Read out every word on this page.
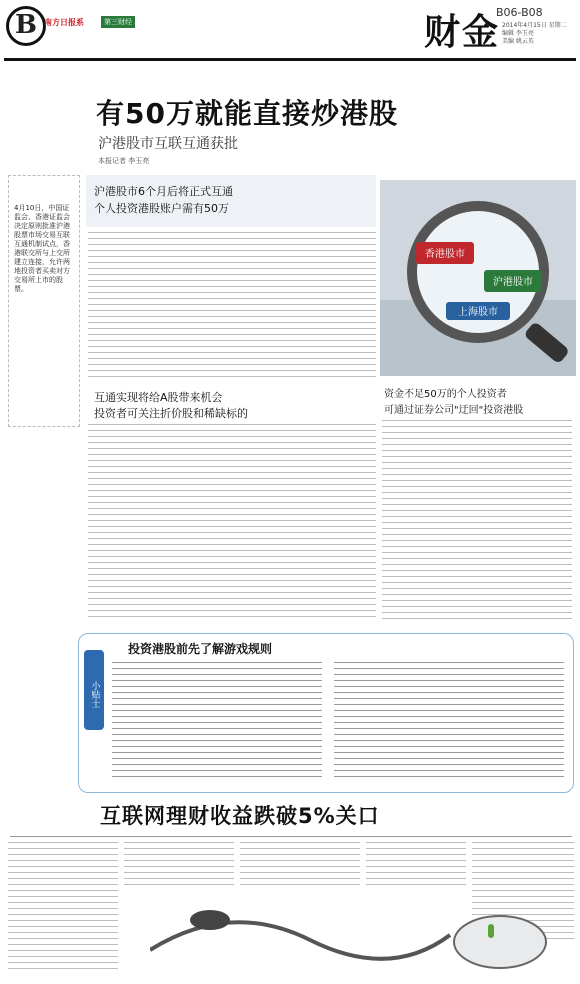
B 南方日报系	第三财经	财金
B06-B08
2014年4月15日 星期二
编辑 李玉亮
美编 姚云英
有50万就能直接炒港股
沪港股市互联互通获批
本报记者 李玉亮
4月10日，中国证监会、香港证监会决定原则批准沪港股票市场交易互联互通机制试点，香港联交所与上交所建立连接，允许两地投资者买卖对方交易所上市的股票。
沪港股市6个月后将正式互通
个人投资港股账户需有50万
香港股市
沪港股市
上海股市
互通实现将给A股带来机会
投资者可关注折价股和稀缺标的
资金不足50万的个人投资者
可通过证券公司"迂回"投资港股
小贴士
投资港股前先了解游戏规则
互联网理财收益跌破5%关口
